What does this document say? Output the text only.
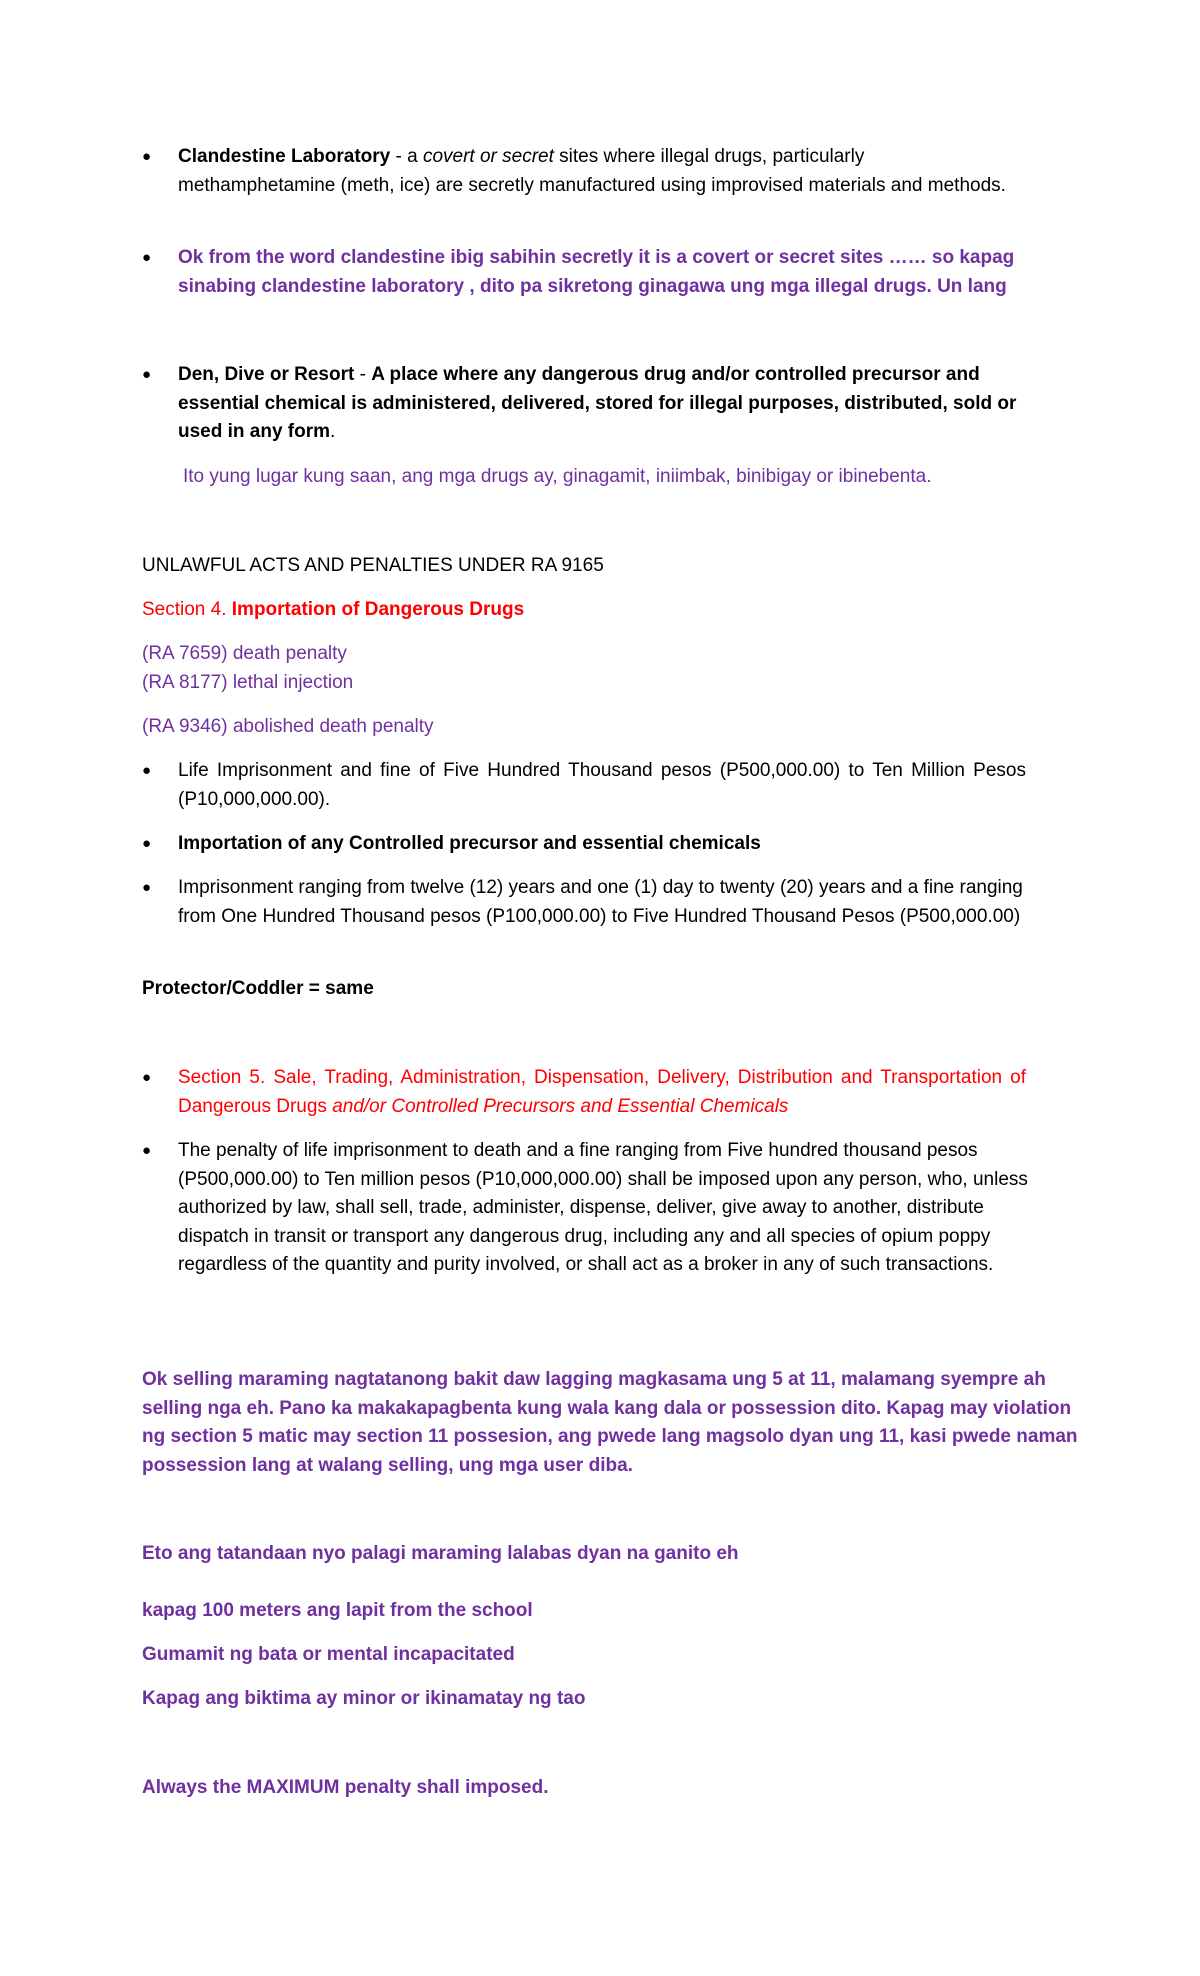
● Clandestine Laboratory - a covert or secret sites where illegal drugs, particularly methamphetamine (meth, ice) are secretly manufactured using improvised materials and methods.
● Ok from the word clandestine ibig sabihin secretly it is a covert or secret sites …… so kapag sinabing clandestine laboratory , dito pa sikretong ginagawa ung mga illegal drugs. Un lang
● Den, Dive or Resort - A place where any dangerous drug and/or controlled precursor and essential chemical is administered, delivered, stored for illegal purposes, distributed, sold or used in any form.
Ito yung lugar kung saan, ang mga drugs ay, ginagamit, iniimbak, binibigay or ibinebenta.
UNLAWFUL ACTS AND PENALTIES UNDER RA 9165
Section 4. Importation of Dangerous Drugs
(RA 7659) death penalty
(RA 8177) lethal injection
(RA 9346) abolished death penalty
● Life Imprisonment and fine of Five Hundred Thousand pesos (P500,000.00) to Ten Million Pesos (P10,000,000.00).
● Importation of any Controlled precursor and essential chemicals
● Imprisonment ranging from twelve (12) years and one (1) day to twenty (20) years and a fine ranging from One Hundred Thousand pesos (P100,000.00) to Five Hundred Thousand Pesos (P500,000.00)
Protector/Coddler = same
● Section 5. Sale, Trading, Administration, Dispensation, Delivery, Distribution and Transportation of Dangerous Drugs and/or Controlled Precursors and Essential Chemicals
● The penalty of life imprisonment to death and a fine ranging from Five hundred thousand pesos (P500,000.00) to Ten million pesos (P10,000,000.00) shall be imposed upon any person, who, unless authorized by law, shall sell, trade, administer, dispense, deliver, give away to another, distribute dispatch in transit or transport any dangerous drug, including any and all species of opium poppy regardless of the quantity and purity involved, or shall act as a broker in any of such transactions.
Ok selling maraming nagtatanong bakit daw lagging magkasama ung 5 at 11, malamang syempre ah
selling nga eh. Pano ka makakapagbenta kung wala kang dala or possession dito. Kapag may violation
ng section 5 matic may section 11 possesion, ang pwede lang magsolo dyan ung 11, kasi pwede naman
possession lang at walang selling, ung mga user diba.
Eto ang tatandaan nyo palagi maraming lalabas dyan na ganito eh
kapag 100 meters ang lapit from the school
Gumamit ng bata or mental incapacitated
Kapag ang biktima ay minor or ikinamatay ng tao
Always the MAXIMUM penalty shall imposed.
